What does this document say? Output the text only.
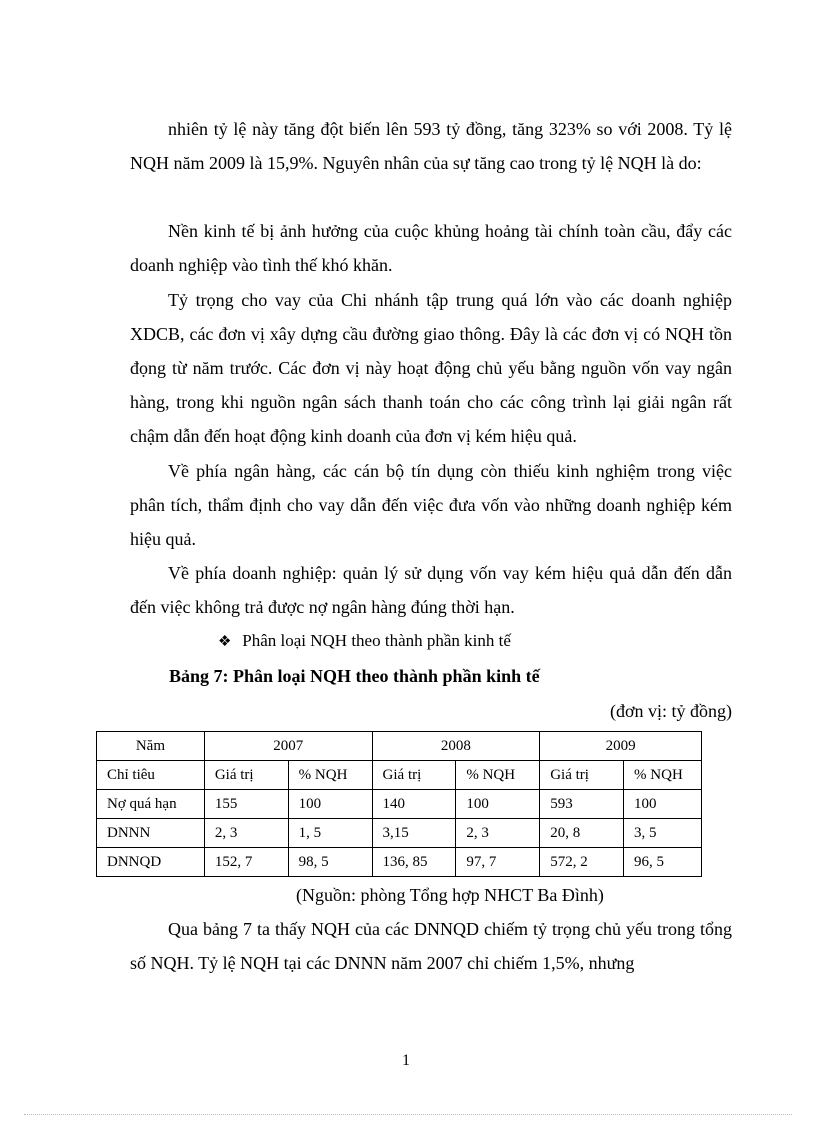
nhiên tỷ lệ này tăng đột biến lên 593 tỷ đồng, tăng 323% so với 2008. Tỷ lệ NQH năm 2009 là 15,9%. Nguyên nhân của sự tăng cao trong tỷ lệ NQH là do:

Nền kinh tế bị ảnh hưởng của cuộc khủng hoảng tài chính toàn cầu, đẩy các doanh nghiệp vào tình thế khó khăn.

Tỷ trọng cho vay của Chi nhánh tập trung quá lớn vào các doanh nghiệp XDCB, các đơn vị xây dựng cầu đường giao thông. Đây là các đơn vị có NQH tồn đọng từ năm trước. Các đơn vị này hoạt động chủ yếu bằng nguồn vốn vay ngân hàng, trong khi nguồn ngân sách thanh toán cho các công trình lại giải ngân rất chậm dẫn đến hoạt động kinh doanh của đơn vị kém hiệu quả.

Về phía ngân hàng, các cán bộ tín dụng còn thiếu kinh nghiệm trong việc phân tích, thẩm định cho vay dẫn đến việc đưa vốn vào những doanh nghiệp kém hiệu quả.

Về phía doanh nghiệp: quản lý sử dụng vốn vay kém hiệu quả dẫn đến dẫn đến việc không trả được nợ ngân hàng đúng thời hạn.

❖ Phân loại NQH theo thành phần kinh tế
Bảng 7: Phân loại NQH theo thành phần kinh tế
(đơn vị: tỷ đồng)
Năm	2007		2008		2009	
Chỉ tiêu	Giá trị	% NQH	Giá trị	% NQH	Giá trị	% NQH
Nợ quá hạn	155	100	140	100	593	100
DNNN	2, 3	1, 5	3,15	2, 3	20, 8	3, 5
DNNQD	152, 7	98, 5	136, 85	97, 7	572, 2	96, 5
(Nguồn: phòng Tổng hợp NHCT Ba Đình)

Qua bảng 7 ta thấy NQH của các DNNQD chiếm tỷ trọng chủ yếu trong tổng số NQH. Tỷ lệ NQH tại các DNNN năm 2007 chỉ chiếm 1,5%, nhưng

1
